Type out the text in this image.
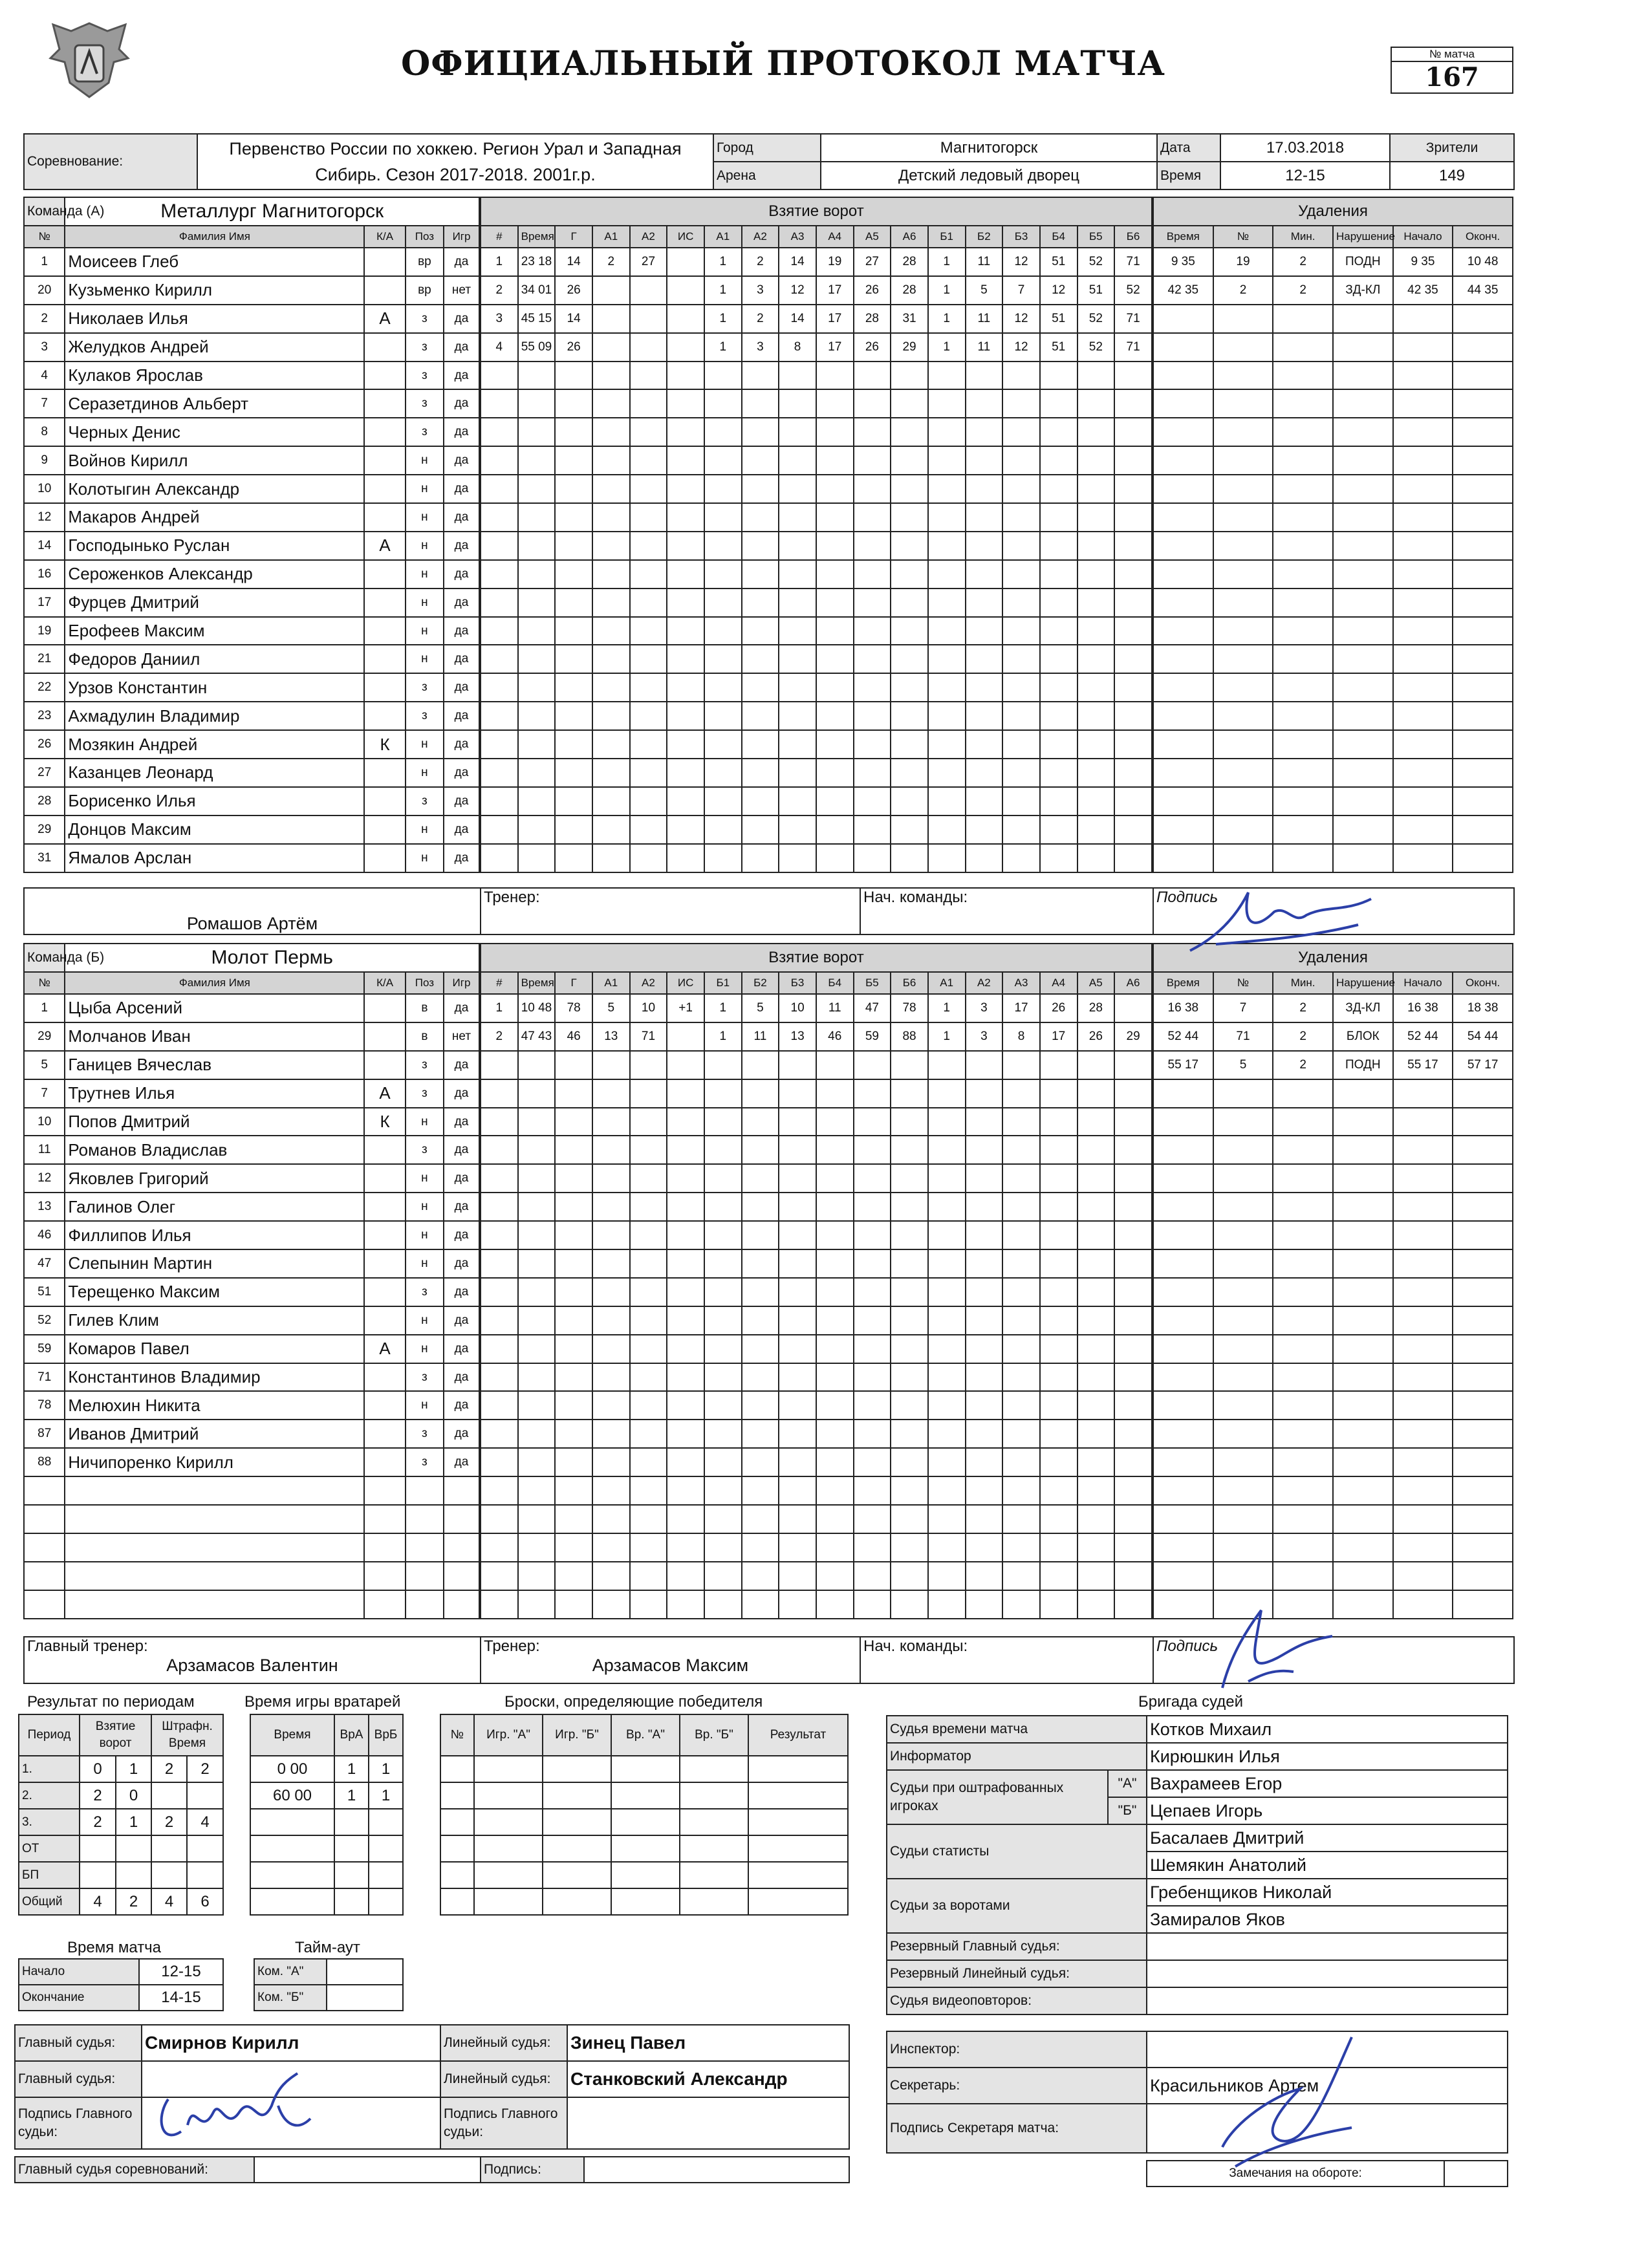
ОФИЦИАЛЬНЫЙ ПРОТОКОЛ МАТЧА	№ матча
167
Соревнование:	Первенство России по хоккею. Регион Урал и Западная Сибирь. Сезон 2017-2018. 2001г.р.	Город	Магнитогорск	Дата	17.03.2018	Зрители
		Арена	Детский ледовый дворец	Время	12-15	149
Команда (А)	Металлург Магнитогорск			
№	Фамилия Имя	К/А	Поз	Игр
1	Моисеев Глеб		вр	да
20	Кузьменко Кирилл		вр	нет
2	Николаев Илья	А	з	да
3	Желудков Андрей		з	да
4	Кулаков Ярослав		з	да
7	Серазетдинов Альберт		з	да
8	Черных Денис		з	да
9	Войнов Кирилл		н	да
10	Колотыгин Александр		н	да
12	Макаров Андрей		н	да
14	Господынько Руслан	А	н	да
16	Сероженков Александр		н	да
17	Фурцев Дмитрий		н	да
19	Ерофеев Максим		н	да
21	Федоров Даниил		н	да
22	Урзов Константин		з	да
23	Ахмадулин Владимир		з	да
26	Мозякин Андрей	К	н	да
27	Казанцев Леонард		н	да
28	Борисенко Илья		з	да
29	Донцов Максим		н	да
31	Ямалов Арслан		н	да
Взятие ворот																	
#	Время	Г	А1	А2	ИС	А1	А2	А3	А4	А5	А6	Б1	Б2	Б3	Б4	Б5	Б6
1	23 18	14	2	27		1	2	14	19	27	28	1	11	12	51	52	71
2	34 01	26				1	3	12	17	26	28	1	5	7	12	51	52
3	45 15	14				1	2	14	17	28	31	1	11	12	51	52	71
4	55 09	26				1	3	8	17	26	29	1	11	12	51	52	71

Удаления					
Время	№	Мин.	Нарушение	Начало	Оконч.
9 35	19	2	ПОДН	9 35	10 48
42 35	2	2	ЗД-КЛ	42 35	44 35

Ромашов Артём	Тренер:	Нач. команды:	Подпись
Команда (Б)	Молот Пермь			
№	Фамилия Имя	К/А	Поз	Игр
1	Цыба Арсений		в	да
29	Молчанов Иван		в	нет
5	Ганицев Вячеслав		з	да
7	Трутнев Илья	А	з	да
10	Попов Дмитрий	К	н	да
11	Романов Владислав		з	да
12	Яковлев Григорий		н	да
13	Галинов Олег		н	да
46	Филлипов Илья		н	да
47	Слепынин Мартин		н	да
51	Терещенко Максим		з	да
52	Гилев Клим		н	да
59	Комаров Павел	А	н	да
71	Константинов Владимир		з	да
78	Мелюхин Никита		н	да
87	Иванов Дмитрий		з	да
88	Ничипоренко Кирилл		з	да

Взятие ворот																	
#	Время	Г	А1	А2	ИС	Б1	Б2	Б3	Б4	Б5	Б6	А1	А2	А3	А4	А5	А6
1	10 48	78	5	10	+1	1	5	10	11	47	78	1	3	17	26	28	
2	47 43	46	13	71		1	11	13	46	59	88	1	3	8	17	26	29

Удаления					
Время	№	Мин.	Нарушение	Начало	Оконч.
16 38	7	2	ЗД-КЛ	16 38	18 38
52 44	71	2	БЛОК	52 44	54 44
55 17	5	2	ПОДН	55 17	57 17

Главный тренер:
Арзамасов Валентин

Тренер:
Арзамасов Максим
	Нач. команды:	Подпись
Результат по периодам
Период	Взятие ворот		Штрафн. Время	
1.	0	1	2	2
2.	2	0		
3.	2	1	2	4
ОТ				
БП				
Общий	4	2	4	6
Время игры вратарей
Время	ВрА	ВрБ
0 00	1	1
60 00	1	1

Броски, определяющие победителя
№	Игр. "А"	Игр. "Б"	Вр. "А"	Вр. "Б"	Результат

Время матча
Начало	12-15
Окончание	14-15
Тайм-аут
Ком. "А"	
Ком. "Б"	
Бригада судей
Судья времени матча		Котков Михаил
Информатор		Кирюшкин Илья
Судьи при оштрафованных игроках	"А"	Вахрамеев Егор
	"Б"	Цепаев Игорь
Судьи статисты		Басалаев Дмитрий
		Шемякин Анатолий
Судьи за воротами		Гребенщиков Николай
		Замиралов Яков
Резервный Главный судья:		
Резервный Линейный судья:		
Судья видеоповторов:		
Главный судья:	Смирнов Кирилл	Линейный судья:	Зинец Павел
Главный судья:		Линейный судья:	Станковский Александр
Подпись Главного судьи:		Подпись Главного судьи:	
Главный судья соревнований:		Подпись:	
Инспектор:	
Секретарь:	Красильников Артем
Подпись Секретаря матча:	
Замечания на обороте:	
